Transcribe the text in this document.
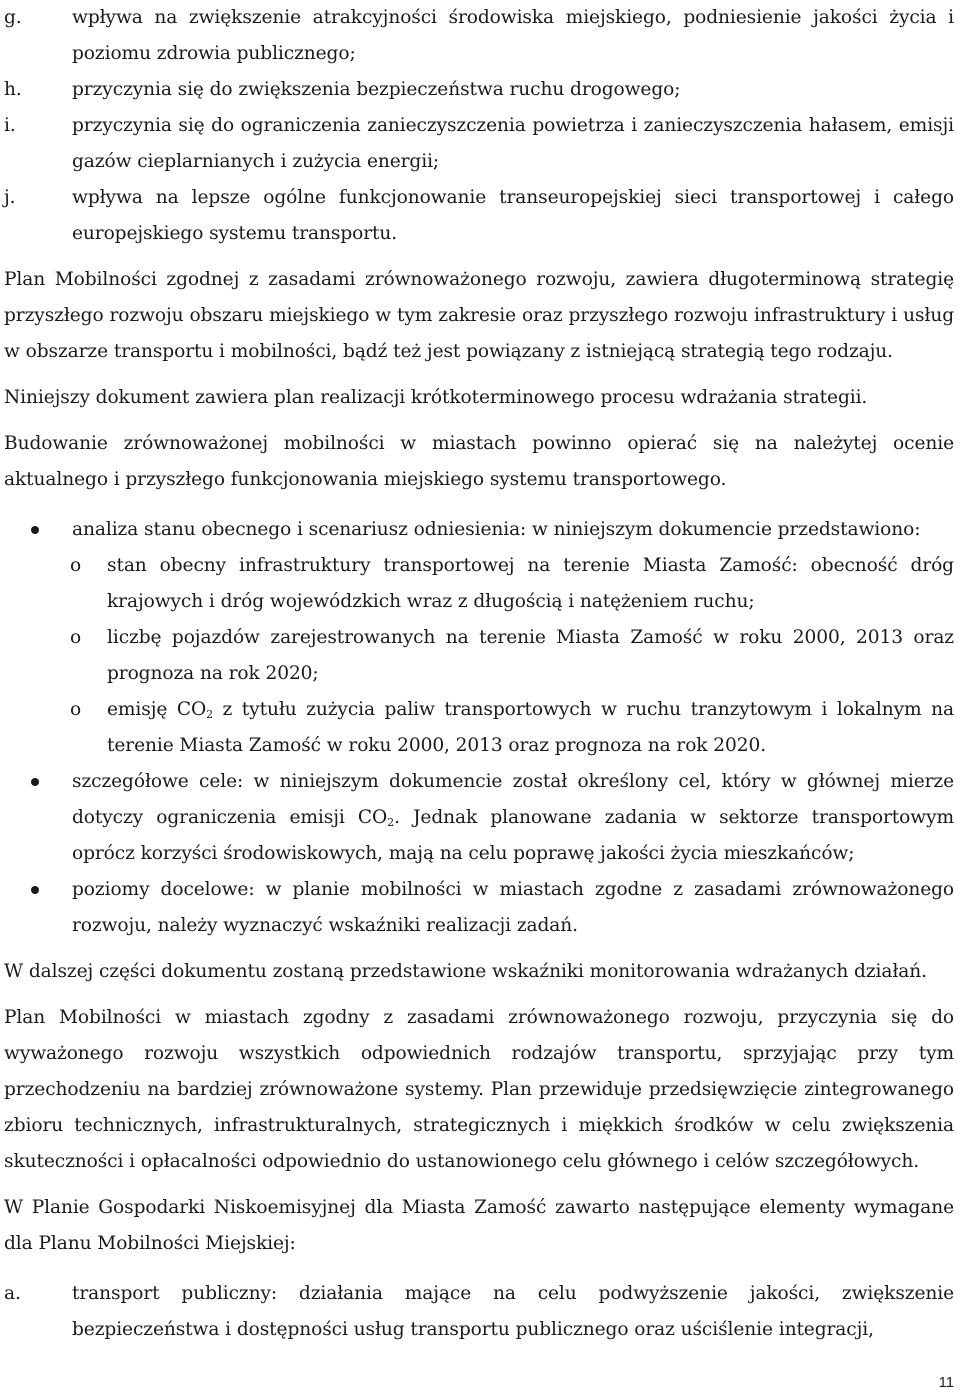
g.	wpływa na zwiększenie atrakcyjności środowiska miejskiego, podniesienie jakości życia i poziomu zdrowia publicznego;
h.	przyczynia się do zwiększenia bezpieczeństwa ruchu drogowego;
i.	przyczynia się do ograniczenia zanieczyszczenia powietrza i zanieczyszczenia hałasem, emisji gazów cieplarnianych i zużycia energii;
j.	wpływa na lepsze ogólne funkcjonowanie transeuropejskiej sieci transportowej i całego europejskiego systemu transportu.

Plan Mobilności zgodnej z zasadami zrównoważonego rozwoju, zawiera długoterminową strategię przyszłego rozwoju obszaru miejskiego w tym zakresie oraz przyszłego rozwoju infrastruktury i usług w obszarze transportu i mobilności, bądź też jest powiązany z istniejącą strategią tego rodzaju.

Niniejszy dokument zawiera plan realizacji krótkoterminowego procesu wdrażania strategii.

Budowanie zrównoważonej mobilności w miastach powinno opierać się na należytej ocenie aktualnego i przyszłego funkcjonowania miejskiego systemu transportowego.

analiza stanu obecnego i scenariusz odniesienia: w niniejszym dokumencie przedstawiono:
o stan obecny infrastruktury transportowej na terenie Miasta Zamość: obecność dróg krajowych i dróg wojewódzkich wraz z długością i natężeniem ruchu;
o liczbę pojazdów zarejestrowanych na terenie Miasta Zamość w roku 2000, 2013 oraz prognoza na rok 2020;
o emisję $CO_2$ z tytułu zużycia paliw transportowych w ruchu tranzytowym i lokalnym na terenie Miasta Zamość w roku 2000, 2013 oraz prognoza na rok 2020.
szczegółowe cele: w niniejszym dokumencie został określony cel, który w głównej mierze dotyczy ograniczenia emisji $CO_2$. Jednak planowane zadania w sektorze transportowym oprócz korzyści środowiskowych, mają na celu poprawę jakości życia mieszkańców;
poziomy docelowe: w planie mobilności w miastach zgodne z zasadami zrównoważonego rozwoju, należy wyznaczyć wskaźniki realizacji zadań.

W dalszej części dokumentu zostaną przedstawione wskaźniki monitorowania wdrażanych działań.

Plan Mobilności w miastach zgodny z zasadami zrównoważonego rozwoju, przyczynia się do wyważonego rozwoju wszystkich odpowiednich rodzajów transportu, sprzyjając przy tym przechodzeniu na bardziej zrównoważone systemy. Plan przewiduje przedsięwzięcie zintegrowanego zbioru technicznych, infrastrukturalnych, strategicznych i miękkich środków w celu zwiększenia skuteczności i opłacalności odpowiednio do ustanowionego celu głównego i celów szczegółowych.

W Planie Gospodarki Niskoemisyjnej dla Miasta Zamość zawarto następujące elementy wymagane dla Planu Mobilności Miejskiej:

a.	transport publiczny: działania mające na celu podwyższenie jakości, zwiększenie bezpieczeństwa i dostępności usług transportu publicznego oraz uściślenie integracji,
11
